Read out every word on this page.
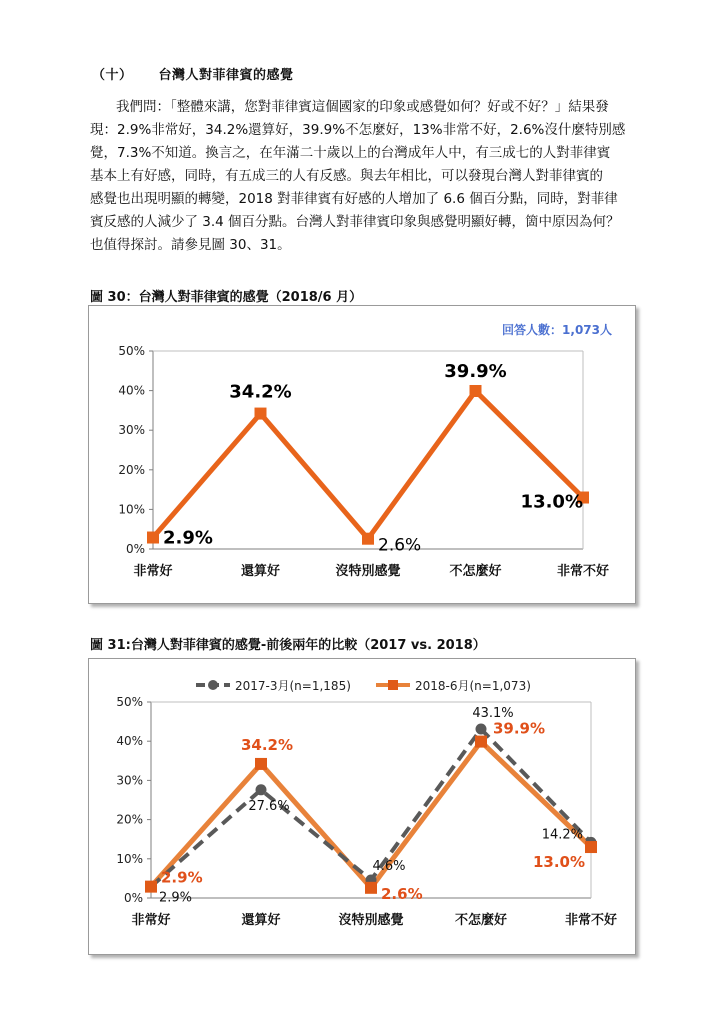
（十） 台灣人對菲律賓的感覺
我們問：「整體來講，您對菲律賓這個國家的印象或感覺如何？好或不好？」結果發
現：2.9%非常好，34.2%還算好，39.9%不怎麼好，13%非常不好，2.6%沒什麼特別感
覺，7.3%不知道。換言之，在年滿二十歲以上的台灣成年人中，有三成七的人對菲律賓
基本上有好感，同時，有五成三的人有反感。與去年相比，可以發現台灣人對菲律賓的
感覺也出現明顯的轉變，2018 對菲律賓有好感的人增加了 6.6 個百分點，同時，對菲律
賓反感的人減少了 3.4 個百分點。台灣人對菲律賓印象與感覺明顯好轉，箇中原因為何？
也值得探討。請參見圖 30、31。
圖 30：台灣人對菲律賓的感覺（2018/6 月）
0%
10%
20%
30%
40%
50%
非常好	還算好	沒特別感覺	不怎麼好	非常不好
回答人數：1,073人
2.9%
34.2%
2.6%
39.9%
13.0%
圖 31:台灣人對菲律賓的感覺-前後兩年的比較（2017 vs. 2018）
0%
10%
20%
30%
40%
50%
非常好	還算好	沒特別感覺	不怎麼好	非常不好
2017-3月(n=1,185)	2018-6月(n=1,073)
2.9%
27.6%
4.6%
43.1%
14.2%
2.9%
34.2%
2.6%
39.9%
13.0%
